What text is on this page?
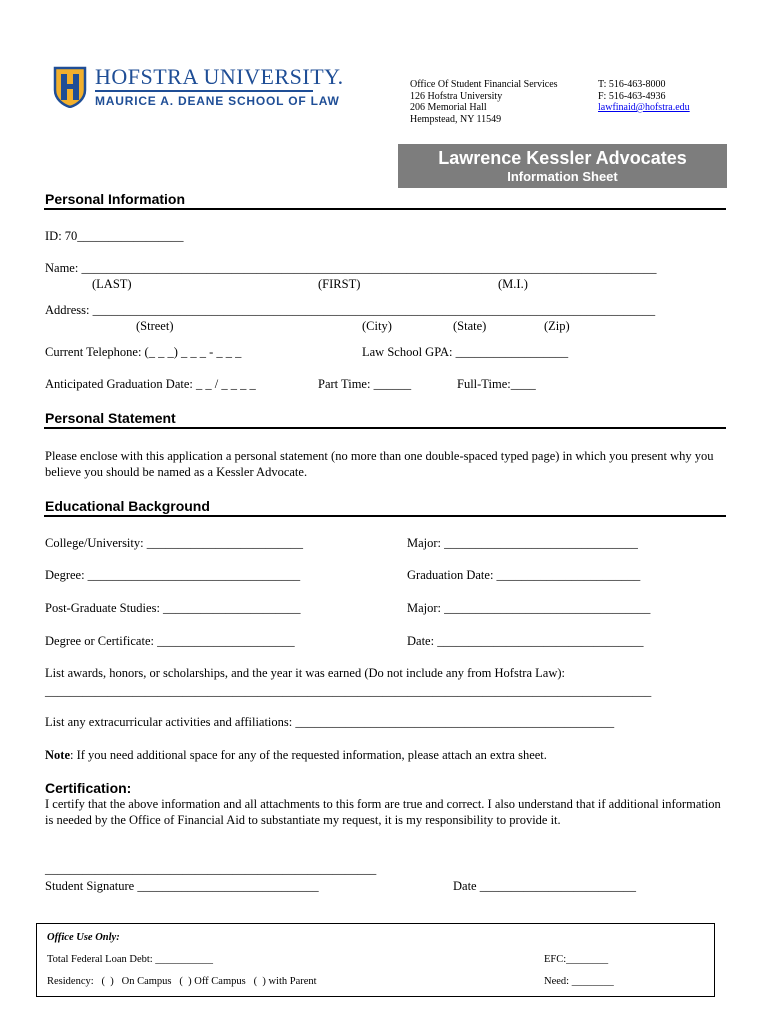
HOFSTRA UNIVERSITY.
MAURICE A. DEANE SCHOOL OF LAW
Office Of Student Financial Services
126 Hofstra University
206 Memorial Hall
Hempstead, NY 11549
T: 516-463-8000
F: 516-463-4936
lawfinaid@hofstra.edu
Lawrence Kessler Advocates
Information Sheet
Personal Information
ID: 70_________________
Name: ____________________________________________________________________________________________
(LAST)	(FIRST)	(M.I.)
Address: __________________________________________________________________________________________
(Street)	(City)	(State)	(Zip)
Current Telephone: (_ _ _) _ _ _ - _ _ _	Law School GPA: __________________
Anticipated Graduation Date: _ _ / _ _ _ _	Part Time: ______	Full-Time:____
Personal Statement
Please enclose with this application a personal statement (no more than one double-spaced typed page) in which you present why you believe you should be named as a Kessler Advocate.
Educational Background
College/University: _________________________	Major: _______________________________
Degree: __________________________________	Graduation Date: _______________________
Post-Graduate Studies: ______________________	Major: _________________________________
Degree or Certificate: ______________________	Date: _________________________________
List awards, honors, or scholarships, and the year it was earned (Do not include any from Hofstra Law):
_________________________________________________________________________________________________
List any extracurricular activities and affiliations: ___________________________________________________
Note: If you need additional space for any of the requested information, please attach an extra sheet.
Certification:
I certify that the above information and all attachments to this form are true and correct. I also understand that if additional information is needed by the Office of Financial Aid to substantiate my request, it is my responsibility to provide it.
_____________________________________________________
Student Signature _____________________________	Date _________________________
Office Use Only:
Total Federal Loan Debt: ___________	EFC:________
Residency:   (  )   On Campus   (  ) Off Campus   (  ) with Parent	Need: ________
